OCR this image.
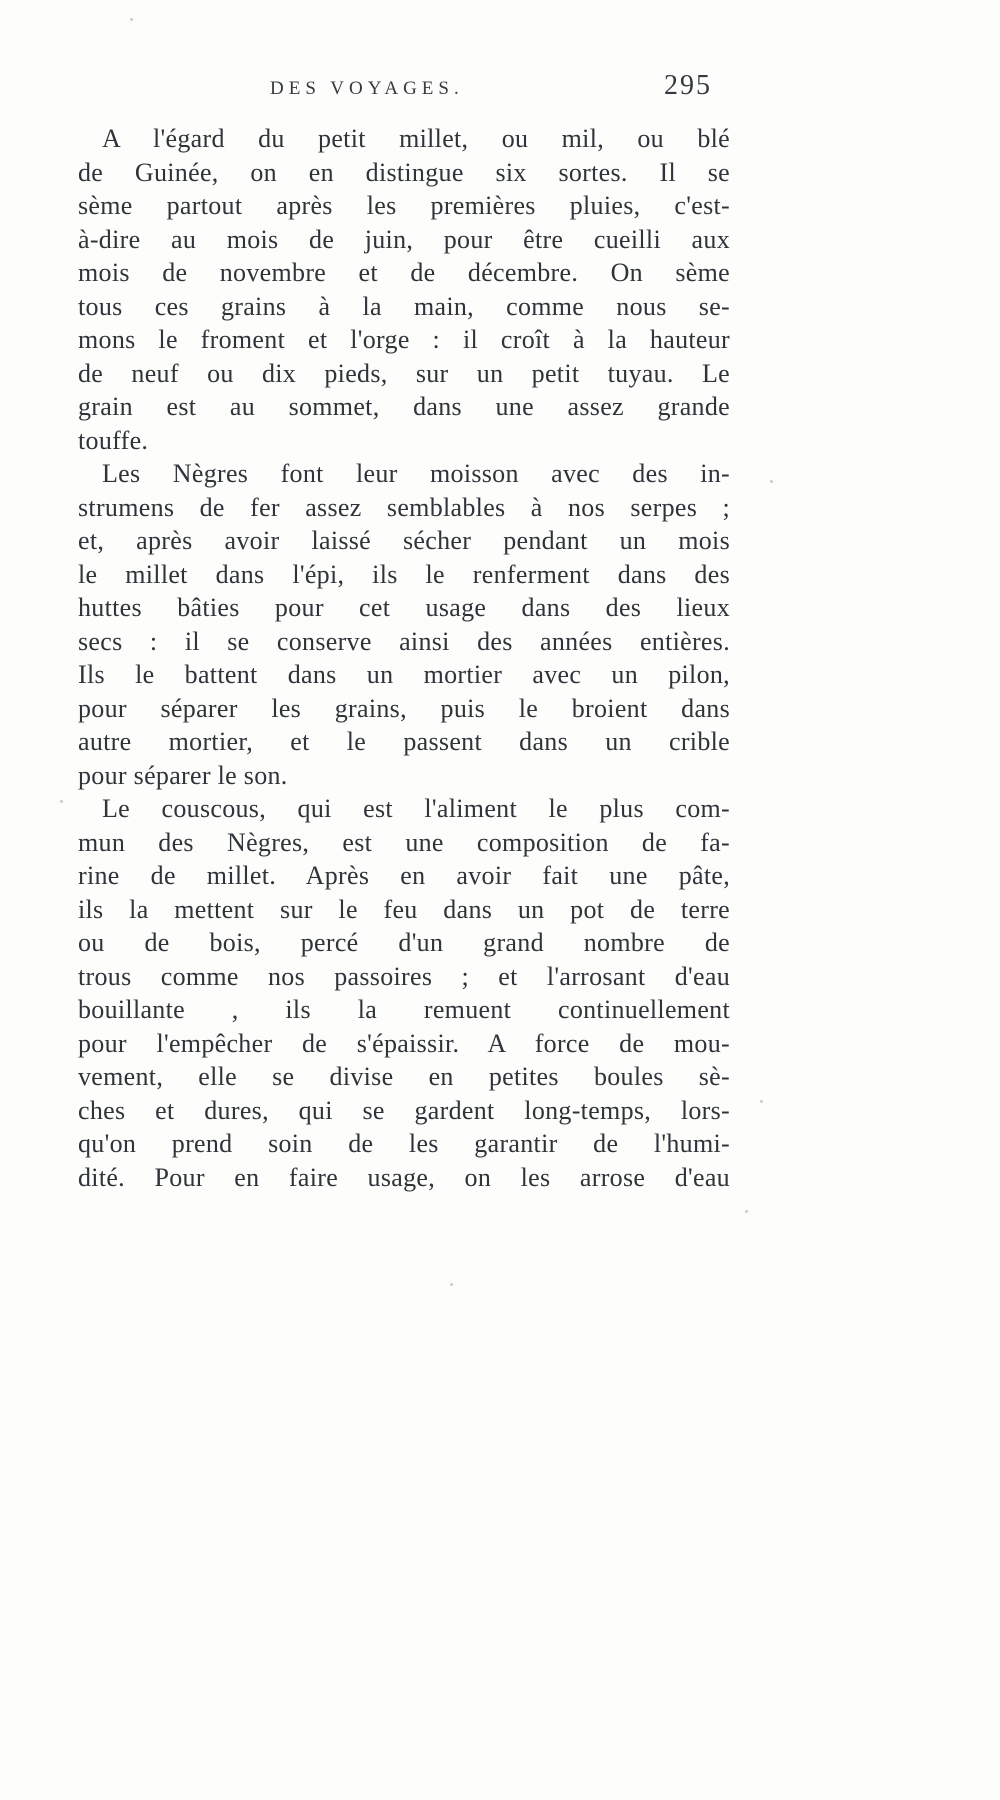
DES VOYAGES.	295
A l'égard du petit millet, ou mil, ou blé
de Guinée, on en distingue six sortes. Il se
sème partout après les premières pluies, c'est-
à-dire au mois de juin, pour être cueilli aux
mois de novembre et de décembre. On sème
tous ces grains à la main, comme nous se-
mons le froment et l'orge : il croît à la hauteur
de neuf ou dix pieds, sur un petit tuyau. Le
grain est au sommet, dans une assez grande
touffe.
Les Nègres font leur moisson avec des in-
strumens de fer assez semblables à nos serpes ;
et, après avoir laissé sécher pendant un mois
le millet dans l'épi, ils le renferment dans des
huttes bâties pour cet usage dans des lieux
secs : il se conserve ainsi des années entières.
Ils le battent dans un mortier avec un pilon,
pour séparer les grains, puis le broient dans
autre mortier, et le passent dans un crible
pour séparer le son.
Le couscous, qui est l'aliment le plus com-
mun des Nègres, est une composition de fa-
rine de millet. Après en avoir fait une pâte,
ils la mettent sur le feu dans un pot de terre
ou de bois, percé d'un grand nombre de
trous comme nos passoires ; et l'arrosant d'eau
bouillante , ils la remuent continuellement
pour l'empêcher de s'épaissir. A force de mou-
vement, elle se divise en petites boules sè-
ches et dures, qui se gardent long-temps, lors-
qu'on prend soin de les garantir de l'humi-
dité. Pour en faire usage, on les arrose d'eau
